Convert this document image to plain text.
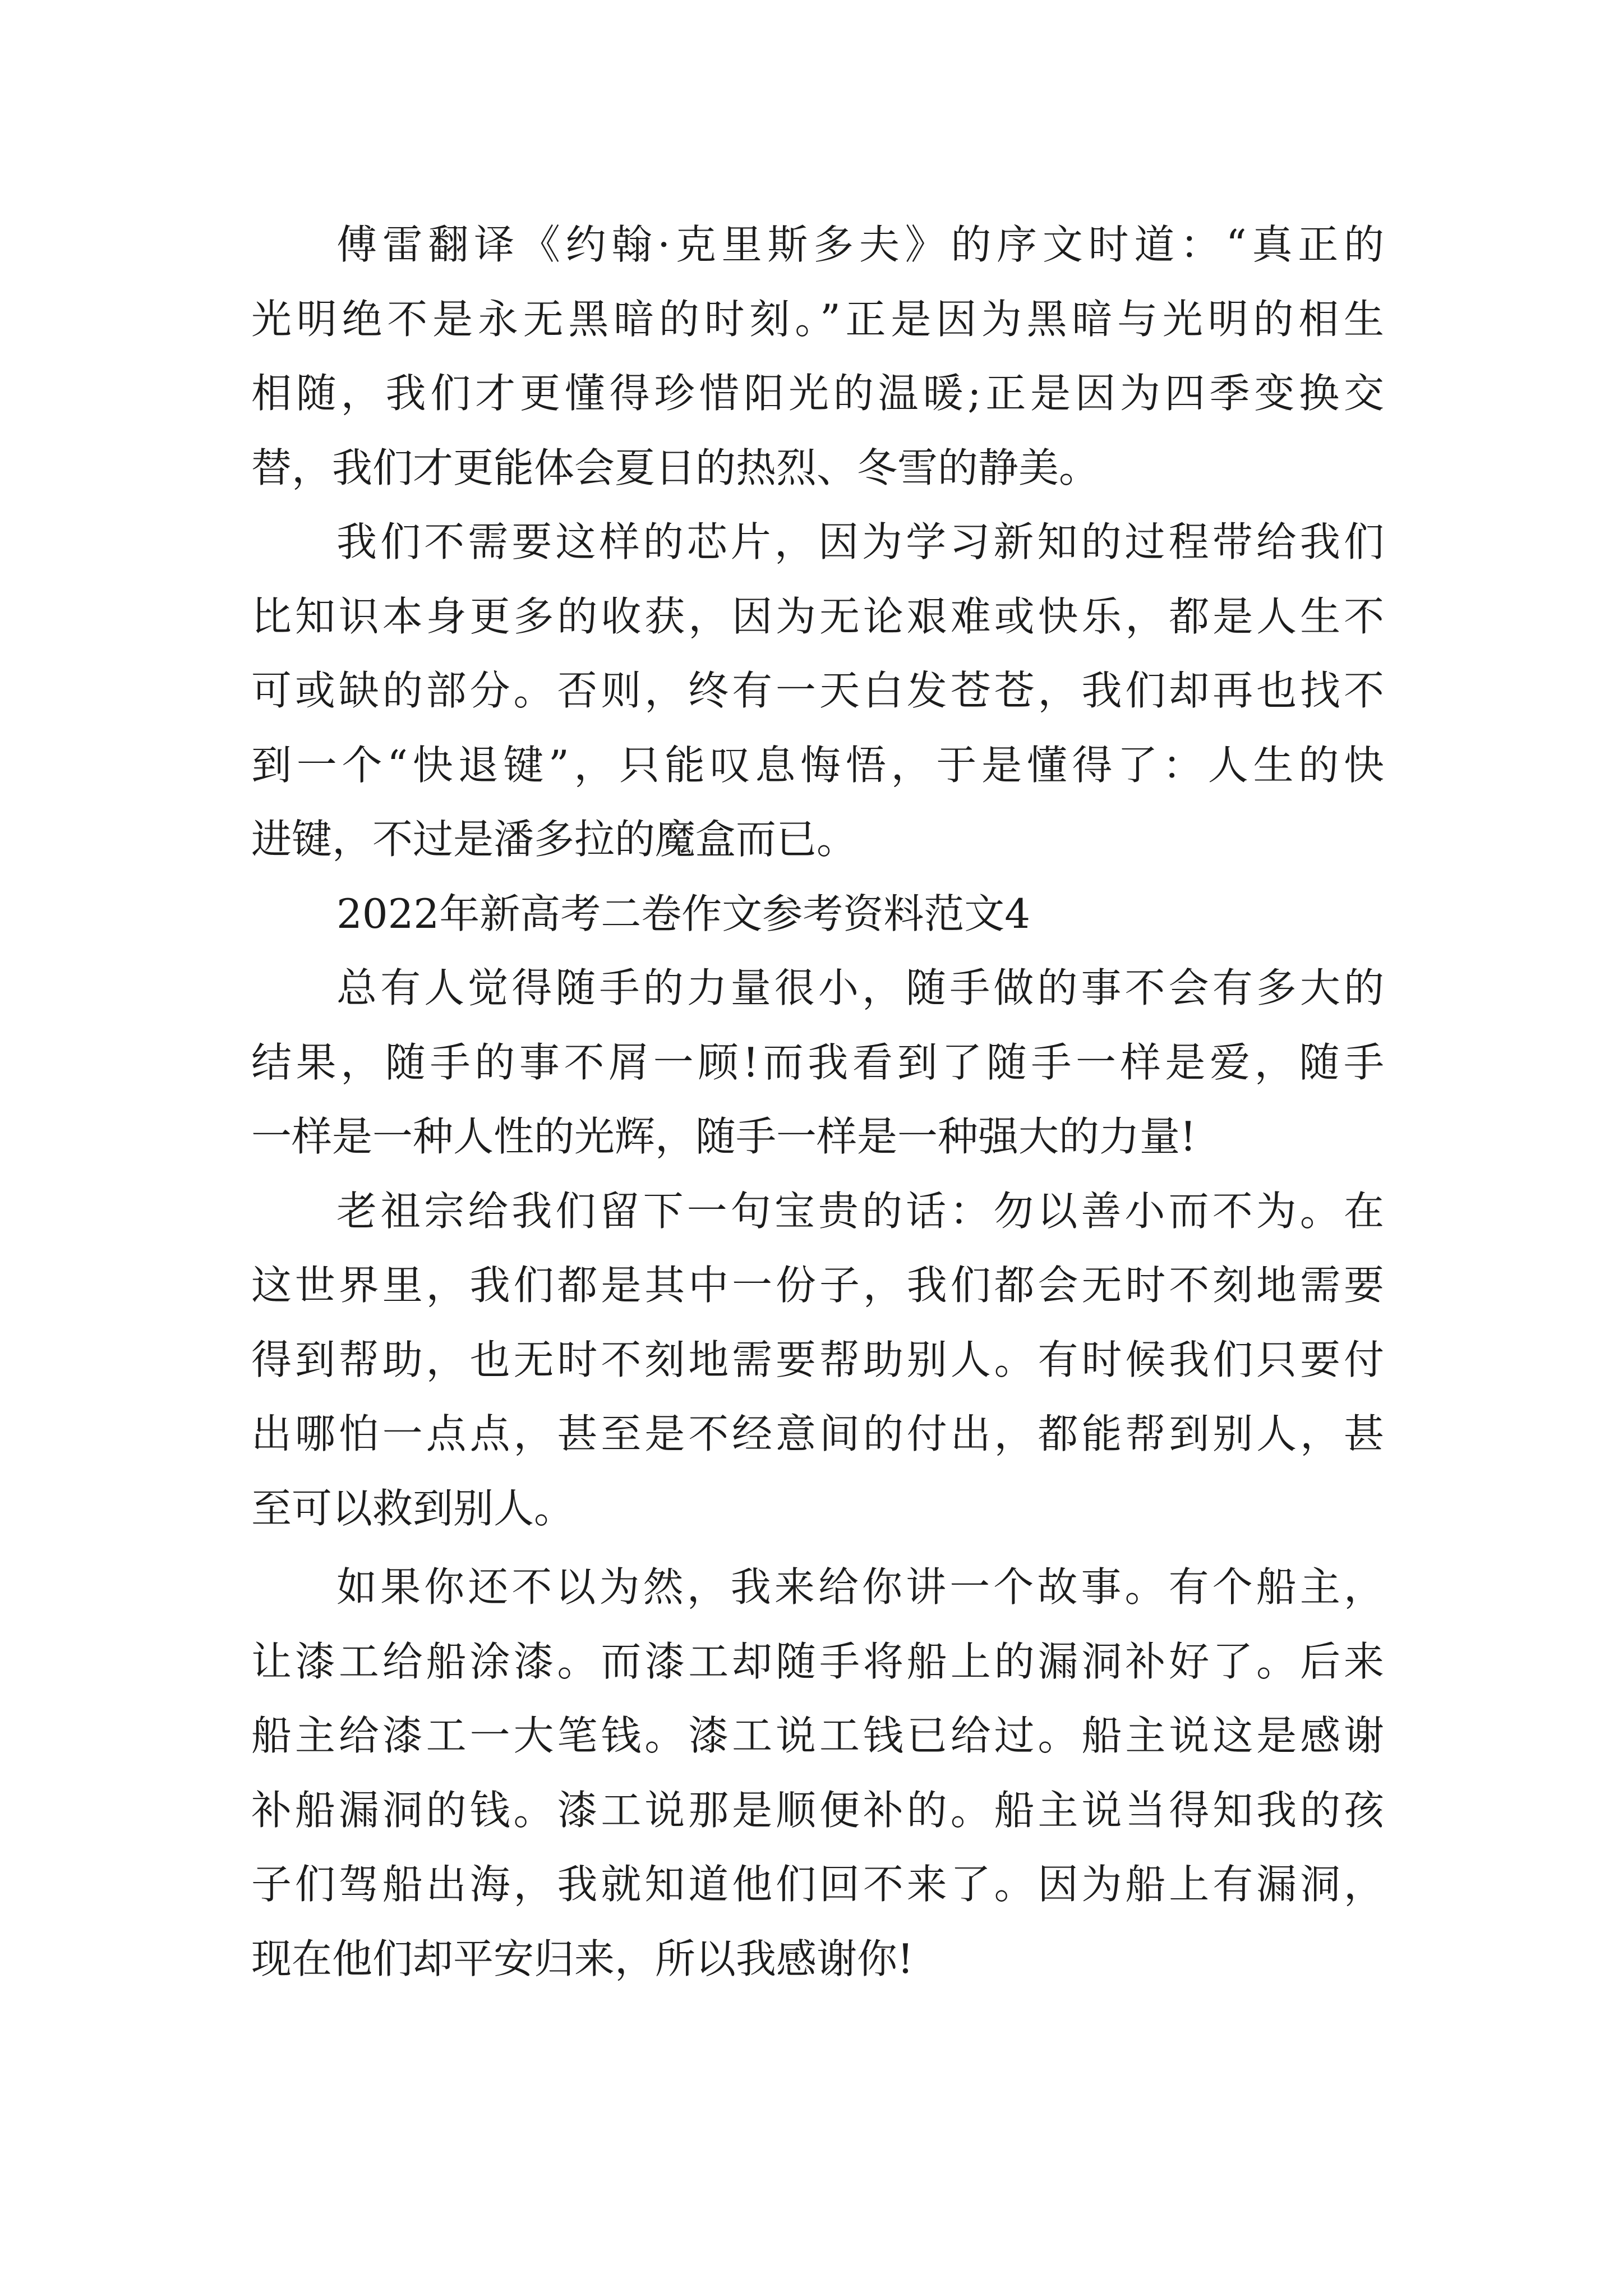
傅雷翻译《约翰·克里斯多夫》的序文时道：“真正的
光明绝不是永无黑暗的时刻。”正是因为黑暗与光明的相生
相随，我们才更懂得珍惜阳光的温暖;正是因为四季变换交
替，我们才更能体会夏日的热烈、冬雪的静美。
我们不需要这样的芯片，因为学习新知的过程带给我们
比知识本身更多的收获，因为无论艰难或快乐，都是人生不
可或缺的部分。否则，终有一天白发苍苍，我们却再也找不
到一个“快退键”，只能叹息悔悟，于是懂得了：人生的快
进键，不过是潘多拉的魔盒而已。
2022年新高考二卷作文参考资料范文4
总有人觉得随手的力量很小，随手做的事不会有多大的
结果，随手的事不屑一顾!而我看到了随手一样是爱，随手
一样是一种人性的光辉，随手一样是一种强大的力量!
老祖宗给我们留下一句宝贵的话：勿以善小而不为。在
这世界里，我们都是其中一份子，我们都会无时不刻地需要
得到帮助，也无时不刻地需要帮助别人。有时候我们只要付
出哪怕一点点，甚至是不经意间的付出，都能帮到别人，甚
至可以救到别人。
如果你还不以为然，我来给你讲一个故事。有个船主，
让漆工给船涂漆。而漆工却随手将船上的漏洞补好了。后来
船主给漆工一大笔钱。漆工说工钱已给过。船主说这是感谢
补船漏洞的钱。漆工说那是顺便补的。船主说当得知我的孩
子们驾船出海，我就知道他们回不来了。因为船上有漏洞，
现在他们却平安归来，所以我感谢你!
